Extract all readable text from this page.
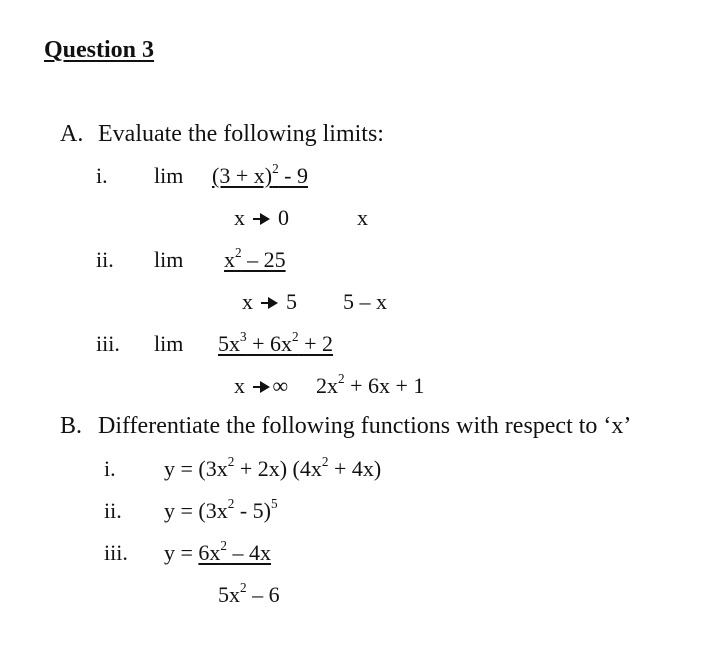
Question 3
A. Evaluate the following limits:
i. $\lim (3 + x)^2 - 9$
x 0	x
ii. $\lim x^2 - 25$
x 5 5 – x
iii. $\lim 5x^3 + 6x^2 + 2$
x ∞ $2x^2 + 6x + 1$
B. Differentiate the following functions with respect to ‘x’
i. $y = (3x^2 + 2x) (4x^2 + 4x)$
ii. $y = (3x^2 - 5)^5$
iii. $y = 6x^2 - 4x$
$5x^2 - 6$
